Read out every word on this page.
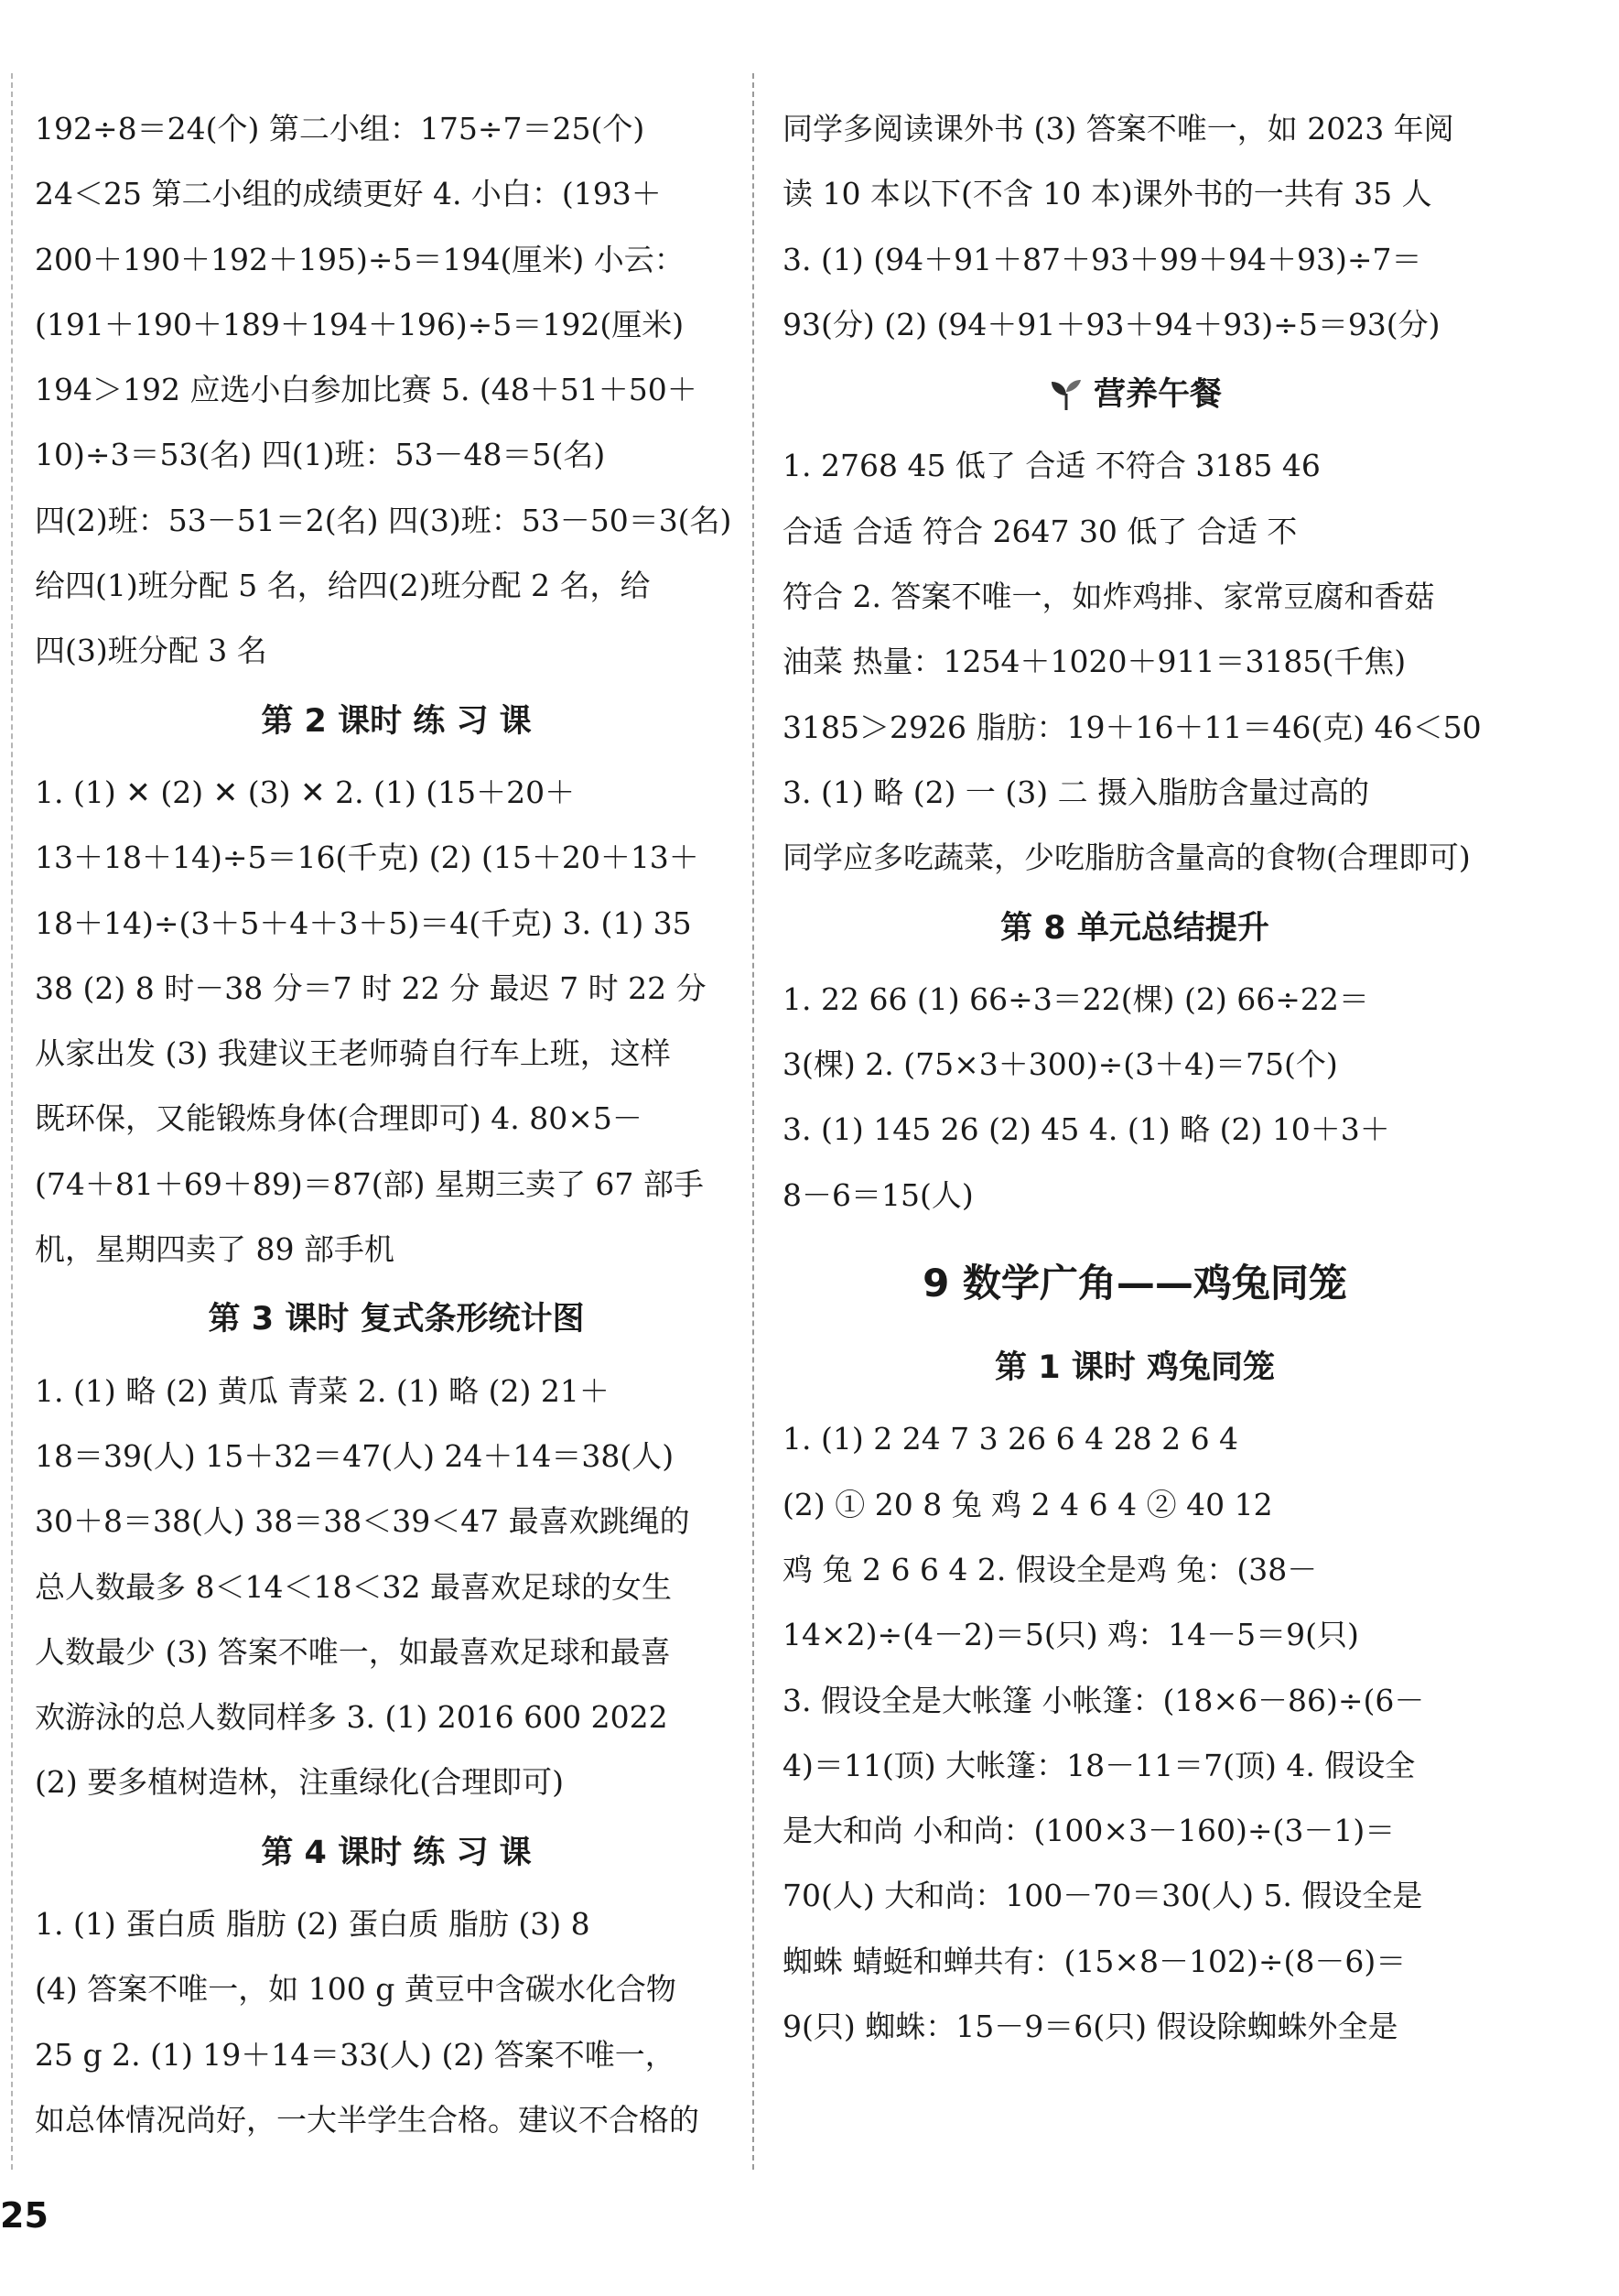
192÷8＝24(个) 第二小组：175÷7＝25(个)
24＜25 第二小组的成绩更好 4. 小白：(193＋
200＋190＋192＋195)÷5＝194(厘米) 小云：
(191＋190＋189＋194＋196)÷5＝192(厘米)
194＞192 应选小白参加比赛 5. (48＋51＋50＋
10)÷3＝53(名) 四(1)班：53－48＝5(名)
四(2)班：53－51＝2(名) 四(3)班：53－50＝3(名)
给四(1)班分配 5 名，给四(2)班分配 2 名，给
四(3)班分配 3 名
第 2 课时 练 习 课
1. (1) ✕ (2) ✕ (3) ✕ 2. (1) (15＋20＋
13＋18＋14)÷5＝16(千克) (2) (15＋20＋13＋
18＋14)÷(3＋5＋4＋3＋5)＝4(千克) 3. (1) 35
38 (2) 8 时－38 分＝7 时 22 分 最迟 7 时 22 分
从家出发 (3) 我建议王老师骑自行车上班，这样
既环保，又能锻炼身体(合理即可) 4. 80×5－
(74＋81＋69＋89)＝87(部) 星期三卖了 67 部手
机，星期四卖了 89 部手机
第 3 课时 复式条形统计图
1. (1) 略 (2) 黄瓜 青菜 2. (1) 略 (2) 21＋
18＝39(人) 15＋32＝47(人) 24＋14＝38(人)
30＋8＝38(人) 38＝38＜39＜47 最喜欢跳绳的
总人数最多 8＜14＜18＜32 最喜欢足球的女生
人数最少 (3) 答案不唯一，如最喜欢足球和最喜
欢游泳的总人数同样多 3. (1) 2016 600 2022
(2) 要多植树造林，注重绿化(合理即可)
第 4 课时 练 习 课
1. (1) 蛋白质 脂肪 (2) 蛋白质 脂肪 (3) 8
(4) 答案不唯一，如 100 g 黄豆中含碳水化合物
25 g 2. (1) 19＋14＝33(人) (2) 答案不唯一，
如总体情况尚好，一大半学生合格。建议不合格的
同学多阅读课外书 (3) 答案不唯一，如 2023 年阅
读 10 本以下(不含 10 本)课外书的一共有 35 人
3. (1) (94＋91＋87＋93＋99＋94＋93)÷7＝
93(分) (2) (94＋91＋93＋94＋93)÷5＝93(分)
营养午餐
1. 2768 45 低了 合适 不符合 3185 46
合适 合适 符合 2647 30 低了 合适 不
符合 2. 答案不唯一，如炸鸡排、家常豆腐和香菇
油菜 热量：1254＋1020＋911＝3185(千焦)
3185＞2926 脂肪：19＋16＋11＝46(克) 46＜50
3. (1) 略 (2) 一 (3) 二 摄入脂肪含量过高的
同学应多吃蔬菜，少吃脂肪含量高的食物(合理即可)
第 8 单元总结提升
1. 22 66 (1) 66÷3＝22(棵) (2) 66÷22＝
3(棵) 2. (75×3＋300)÷(3＋4)＝75(个)
3. (1) 145 26 (2) 45 4. (1) 略 (2) 10＋3＋
8－6＝15(人)
9 数学广角——鸡兔同笼
第 1 课时 鸡兔同笼
1. (1) 2 24 7 3 26 6 4 28 2 6 4
(2) ① 20 8 兔 鸡 2 4 6 4 ② 40 12
鸡 兔 2 6 6 4 2. 假设全是鸡 兔：(38－
14×2)÷(4－2)＝5(只) 鸡：14－5＝9(只)
3. 假设全是大帐篷 小帐篷：(18×6－86)÷(6－
4)＝11(顶) 大帐篷：18－11＝7(顶) 4. 假设全
是大和尚 小和尚：(100×3－160)÷(3－1)＝
70(人) 大和尚：100－70＝30(人) 5. 假设全是
蜘蛛 蜻蜓和蝉共有：(15×8－102)÷(8－6)＝
9(只) 蜘蛛：15－9＝6(只) 假设除蜘蛛外全是
25
